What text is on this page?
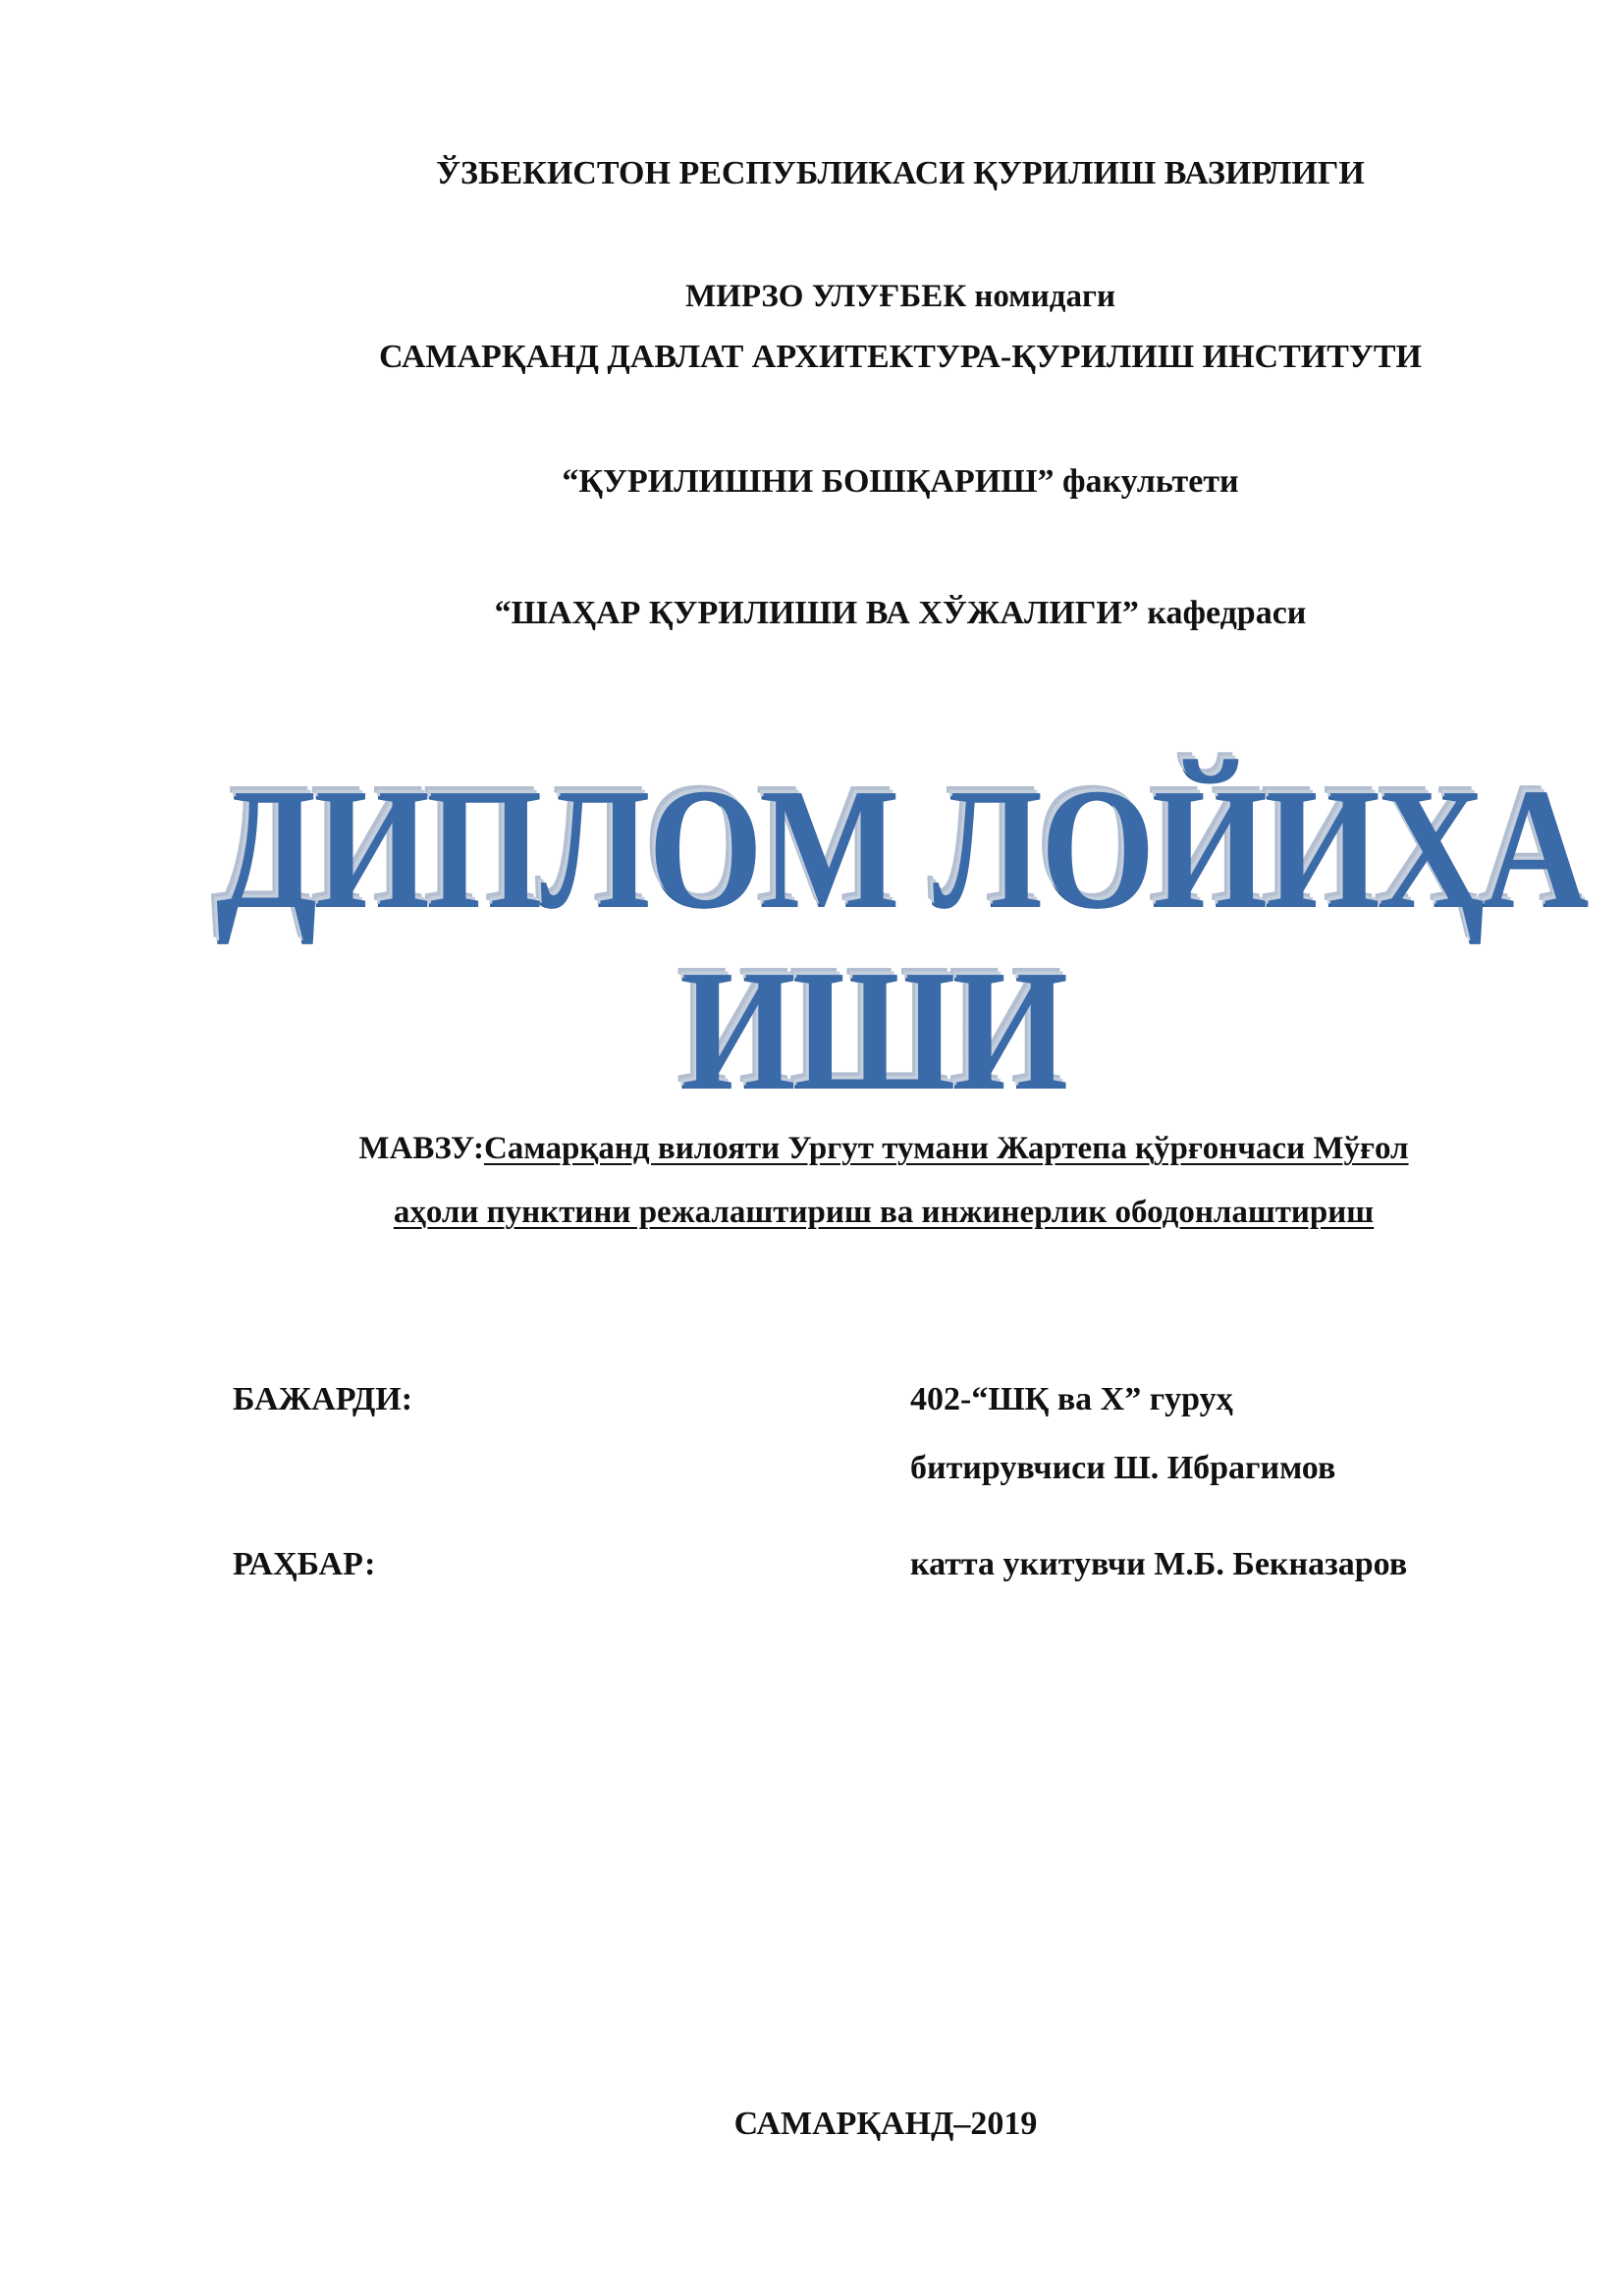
ЎЗБЕКИСТОН РЕСПУБЛИКАСИ ҚУРИЛИШ ВАЗИРЛИГИ
МИРЗО УЛУҒБЕК номидаги
САМАРҚАНД ДАВЛАТ АРХИТЕКТУРА-ҚУРИЛИШ ИНСТИТУТИ
“ҚУРИЛИШНИ БОШҚАРИШ” факультети
“ШАҲАР ҚУРИЛИШИ ВА ХЎЖАЛИГИ” кафедраси
ДИПЛОМ ЛОЙИҲА
ИШИ
МАВЗУ:Самарқанд вилояти Ургут тумани Жартепа қўрғончаси Мўғол
аҳоли пунктини режалаштириш ва инжинерлик ободонлаштириш
БАЖАРДИ:	402-“ШҚ ва Х” гуруҳ
битирувчиси Ш. Ибрагимов
РАҲБАР:	катта укитувчи М.Б. Бекназаров
САМАРҚАНД–2019
